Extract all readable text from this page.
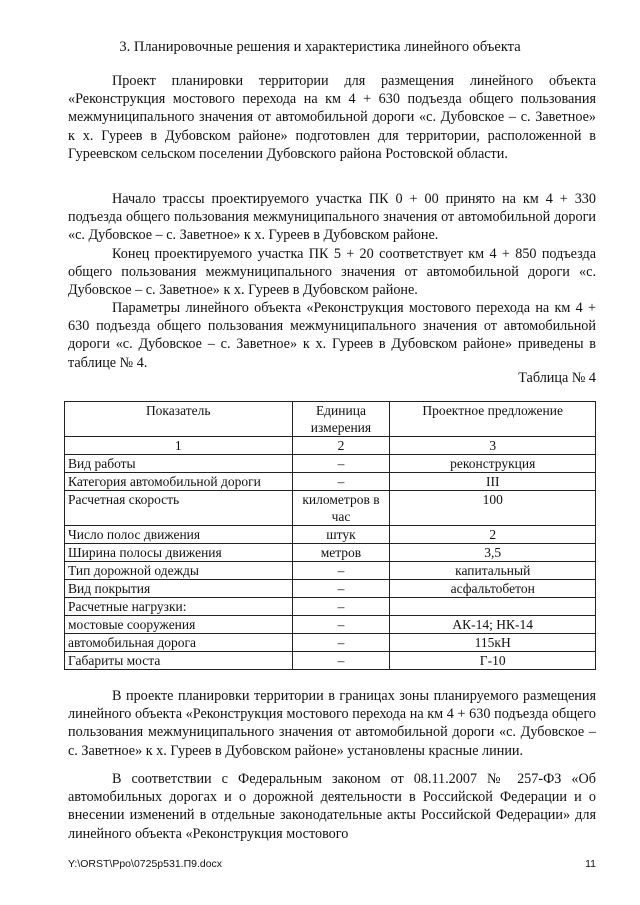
3. Планировочные решения и характеристика линейного объекта

Проект планировки территории для размещения линейного объекта «Реконструкция мостового перехода на км 4 + 630 подъезда общего пользования межмуниципального значения от автомобильной дороги «с. Дубовское – с. Заветное» к х. Гуреев в Дубовском районе» подготовлен для территории, расположенной в Гуреевском сельском поселении Дубовского района Ростовской области.

Начало трассы проектируемого участка ПК 0 + 00 принято на км 4 + 330 подъезда общего пользования межмуниципального значения от автомобильной дороги «с. Дубовское – с. Заветное» к х. Гуреев в Дубовском районе.

Конец проектируемого участка ПК 5 + 20 соответствует км 4 + 850 подъезда общего пользования межмуниципального значения от автомобильной дороги «с. Дубовское – с. Заветное» к х. Гуреев в Дубовском районе.

Параметры линейного объекта «Реконструкция мостового перехода на км 4 + 630 подъезда общего пользования межмуниципального значения от автомобильной дороги «с. Дубовское – с. Заветное» к х. Гуреев в Дубовском районе» приведены в таблице № 4.

Таблица № 4
Показатель	Единица измерения	Проектное предложение
1	2	3
Вид работы	–	реконструкция
Категория автомобильной дороги	–	III
Расчетная скорость	километров в час	100
Число полос движения	штук	2
Ширина полосы движения	метров	3,5
Тип дорожной одежды	–	капитальный
Вид покрытия	–	асфальтобетон
Расчетные нагрузки:	–	
мостовые сооружения	–	АК-14; НК-14
автомобильная дорога	–	115кН
Габариты моста	–	Г-10

В проекте планировки территории в границах зоны планируемого размещения линейного объекта «Реконструкция мостового перехода на км 4 + 630 подъезда общего пользования межмуниципального значения от автомобильной дороги «с. Дубовское – с. Заветное» к х. Гуреев в Дубовском районе» установлены красные линии.

В соответствии с Федеральным законом от 08.11.2007 № 257-ФЗ «Об автомобильных дорогах и о дорожной деятельности в Российской Федерации и о внесении изменений в отдельные законодательные акты Российской Федерации» для линейного объекта «Реконструкция мостового

Y:\ORST\Ppo\0725p531.П9.docx	11
